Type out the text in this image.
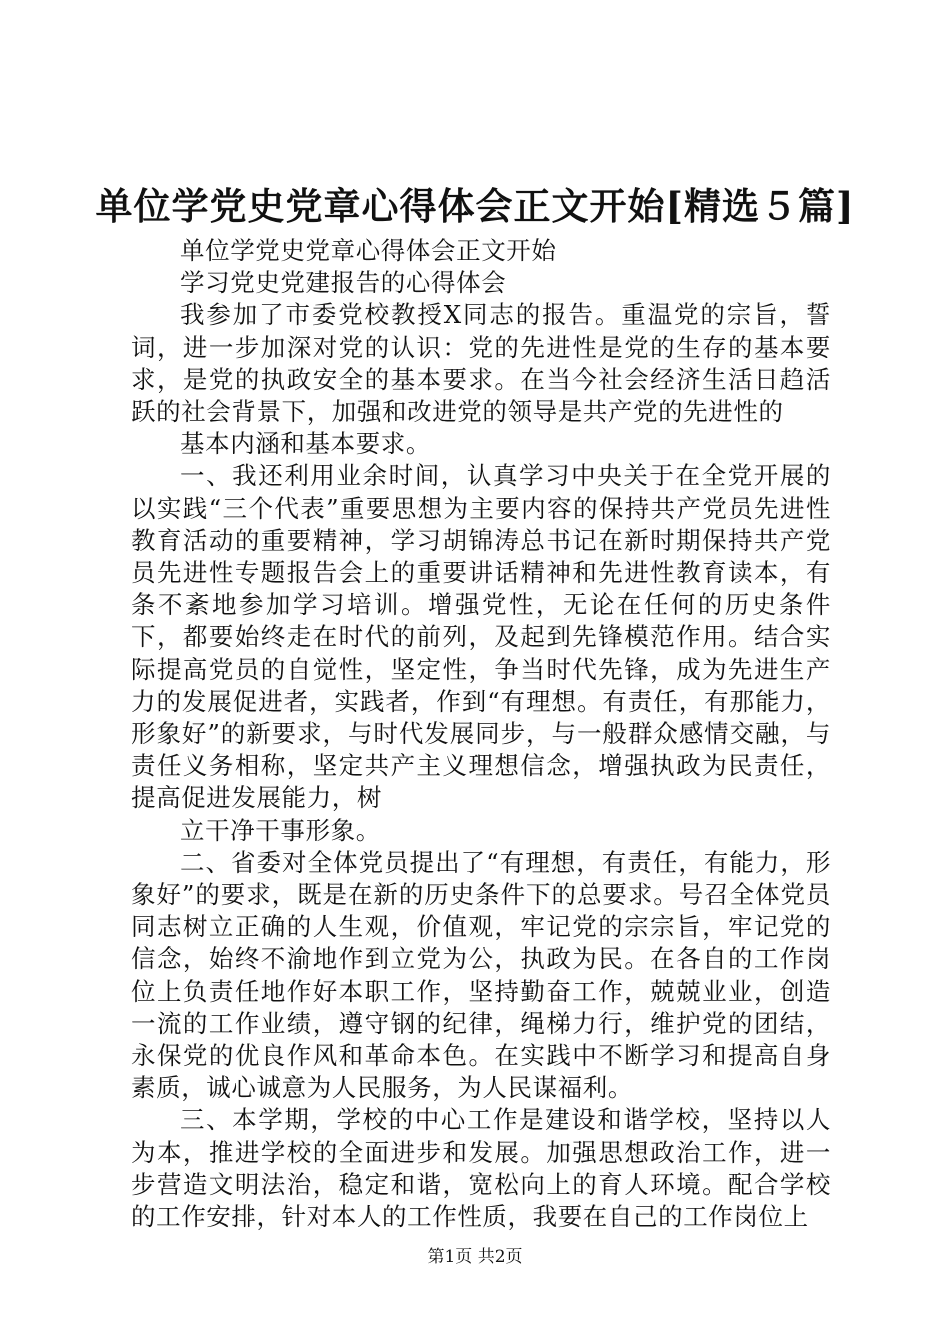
单位学党史党章心得体会正文开始[精选５篇]

单位学党史党章心得体会正文开始

学习党史党建报告的心得体会

我参加了市委党校教授X同志的报告。重温党的宗旨，誓词，进一步加深对党的认识：党的先进性是党的生存的基本要求，是党的执政安全的基本要求。在当今社会经济生活日趋活跃的社会背景下，加强和改进党的领导是共产党的先进性的

基本内涵和基本要求。

一、我还利用业余时间，认真学习中央关于在全党开展的以实践“三个代表”重要思想为主要内容的保持共产党员先进性教育活动的重要精神，学习胡锦涛总书记在新时期保持共产党员先进性专题报告会上的重要讲话精神和先进性教育读本，有条不紊地参加学习培训。增强党性，无论在任何的历史条件下，都要始终走在时代的前列，及起到先锋模范作用。结合实际提高党员的自觉性，坚定性，争当时代先锋，成为先进生产力的发展促进者，实践者，作到“有理想。有责任，有那能力，形象好”的新要求，与时代发展同步，与一般群众感情交融，与责任义务相称，坚定共产主义理想信念，增强执政为民责任，提高促进发展能力，树

立干净干事形象。

二、省委对全体党员提出了“有理想，有责任，有能力，形象好”的要求，既是在新的历史条件下的总要求。号召全体党员同志树立正确的人生观，价值观，牢记党的宗宗旨，牢记党的信念，始终不渝地作到立党为公，执政为民。在各自的工作岗位上负责任地作好本职工作，坚持勤奋工作，兢兢业业，创造一流的工作业绩，遵守钢的纪律，绳梯力行，维护党的团结，永保党的优良作风和革命本色。在实践中不断学习和提高自身素质，诚心诚意为人民服务，为人民谋福利。

三、本学期，学校的中心工作是建设和谐学校，坚持以人为本，推进学校的全面进步和发展。加强思想政治工作，进一步营造文明法治，稳定和谐，宽松向上的育人环境。配合学校的工作安排，针对本人的工作性质，我要在自己的工作岗位上

第1页 共2页
